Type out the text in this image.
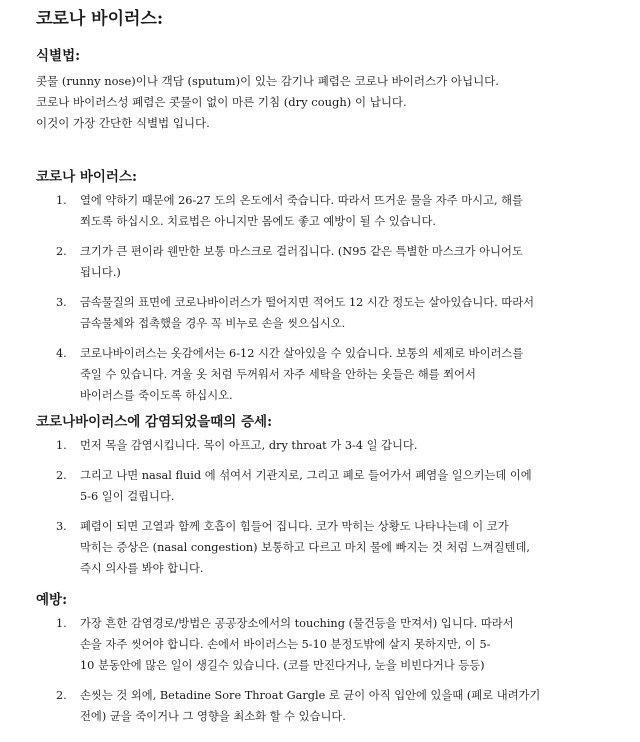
코로나 바이러스:
식별법:

콧물 (runny nose)이나 객담 (sputum)이 있는 감기나 폐렴은 코로나 바이러스가 아닙니다.

코로나 바이러스성 폐렴은 콧물이 없이 마른 기침 (dry cough) 이 납니다.

이것이 가장 간단한 식별법 입니다.

코로나 바이러스:
1. 열에 약하기 때문에 26-27 도의 온도에서 죽습니다. 따라서 뜨거운 물을 자주 마시고, 해를
쬐도록 하십시오. 치료법은 아니지만 몸에도 좋고 예방이 될 수 있습니다.
2. 크기가 큰 편이라 웬만한 보통 마스크로 걸러집니다. (N95 같은 특별한 마스크가 아니어도
됩니다.)
3. 금속물질의 표면에 코로나바이러스가 떨어지면 적어도 12 시간 정도는 살아있습니다. 따라서
금속물체와 접촉했을 경우 꼭 비누로 손을 씻으십시오.
4. 코로나바이러스는 옷감에서는 6-12 시간 살아있을 수 있습니다. 보통의 세제로 바이러스를
죽일 수 있습니다. 겨울 옷 처럼 두꺼워서 자주 세탁을 안하는 옷들은 해를 쬐어서
바이러스를 죽이도록 하십시오.
코로나바이러스에 감염되었을때의 증세:
1. 먼저 목을 감염시킵니다. 목이 아프고, dry throat 가 3-4 일 갑니다.
2. 그리고 나면 nasal fluid 에 섞여서 기관지로, 그리고 폐로 들어가서 폐염을 일으키는데 이에
5-6 일이 걸립니다.
3. 폐렴이 되면 고열과 함께 호흡이 힘들어 집니다. 코가 막히는 상황도 나타나는데 이 코가
막히는 증상은 (nasal congestion) 보통하고 다르고 마치 물에 빠지는 것 처럼 느껴질텐데,
즉시 의사를 봐야 합니다.
예방:
1. 가장 흔한 감염경로/방법은 공공장소에서의 touching (물건등을 만져서) 입니다. 따라서
손을 자주 씻어야 합니다. 손에서 바이러스는 5-10 분정도밖에 살지 못하지만, 이 5-
10 분동안에 많은 일이 생길수 있습니다. (코를 만진다거나, 눈을 비빈다거나 등등)
2. 손씻는 것 외에, Betadine Sore Throat Gargle 로 균이 아직 입안에 있을때 (폐로 내려가기
전에) 균을 죽이거나 그 영향을 최소화 할 수 있습니다.
